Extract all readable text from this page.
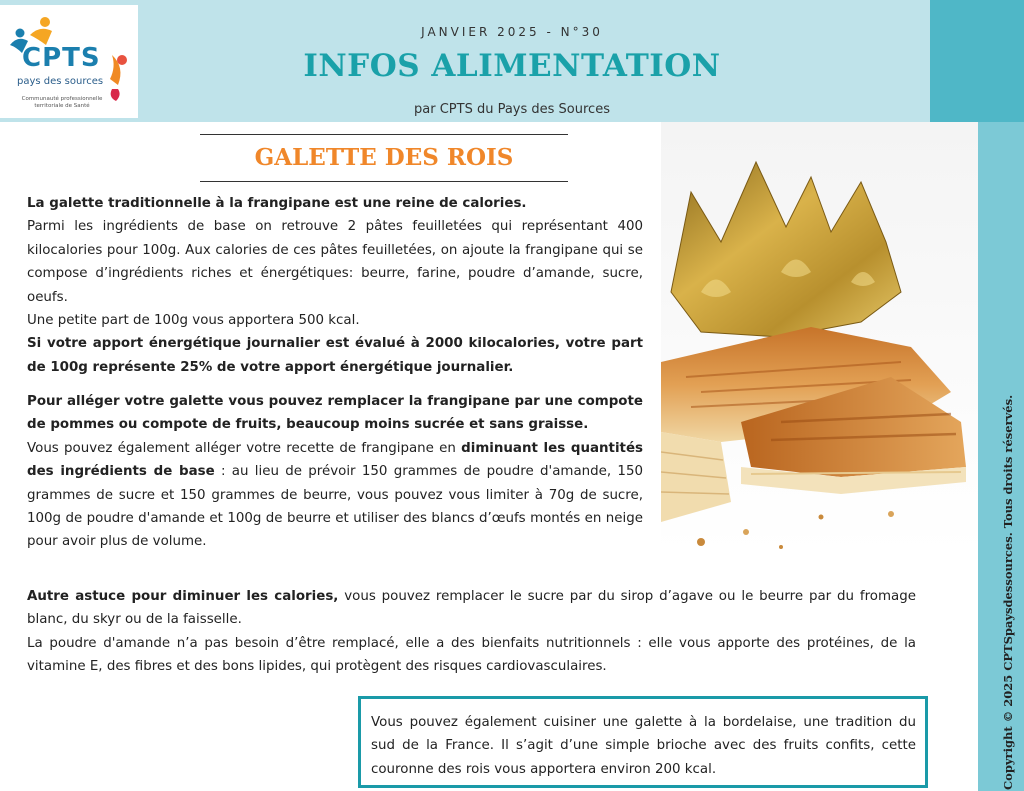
CPTS
pays des sources
Communauté professionnelle territoriale de Santé
JANVIER 2025 - N°30
INFOS ALIMENTATION
par CPTS du Pays des Sources
GALETTE DES ROIS

La galette traditionnelle à la frangipane est une reine de calories.

Parmi les ingrédients de base on retrouve 2 pâtes feuilletées qui représentant 400 kilocalories pour 100g. Aux calories de ces pâtes feuilletées, on ajoute la frangipane qui se compose d’ingrédients riches et énergétiques: beurre, farine, poudre d’amande, sucre, oeufs.

Une petite part de 100g vous apportera 500 kcal.

Si votre apport énergétique journalier est évalué à 2000 kilocalories, votre part de 100g représente 25% de votre apport énergétique journalier.

Pour alléger votre galette vous pouvez remplacer la frangipane par une compote de pommes ou compote de fruits, beaucoup moins sucrée et sans graisse.

Vous pouvez également alléger votre recette de frangipane en diminuant les quantités des ingrédients de base : au lieu de prévoir 150 grammes de poudre d'amande, 150 grammes de sucre et 150 grammes de beurre, vous pouvez vous limiter à 70g de sucre, 100g de poudre d'amande et 100g de beurre et utiliser des blancs d’œufs montés en neige pour avoir plus de volume.

Autre astuce pour diminuer les calories, vous pouvez remplacer le sucre par du sirop d’agave ou le beurre par du fromage blanc, du skyr ou de la faisselle.

La poudre d'amande n’a pas besoin d’être remplacé, elle a des bienfaits nutritionnels : elle vous apporte des protéines, de la vitamine E, des fibres et des bons lipides, qui protègent des risques cardiovasculaires.

Vous pouvez également cuisiner une galette à la bordelaise, une tradition du sud de la France. Il s’agit d’une simple brioche avec des fruits confits, cette couronne des rois vous apportera environ 200 kcal.	Copyright © 2025 CPTSpaysdessources. Tous droits réservés.
